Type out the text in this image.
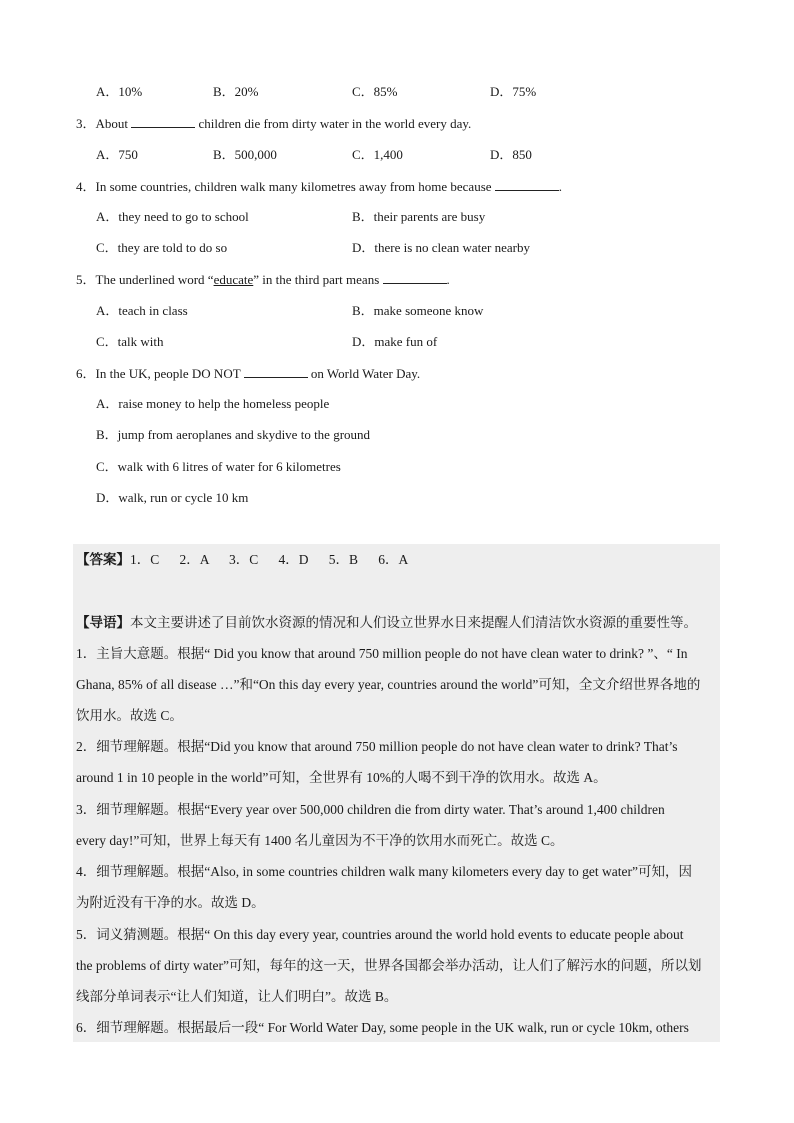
A．10%	B．20%	C．85%	D．75%
3．About	children die from dirty water in the world every day.
A．750	B．500,000	C．1,400	D．850
4．In some countries, children walk many kilometres away from home because	.
A．they need to go to school	B．their parents are busy
C．they are told to do so	D．there is no clean water nearby
5．The underlined word “educate” in the third part means	.
A．teach in class	B．make someone know
C．talk with	D．make fun of
6．In the UK, people DO NOT	on World Water Day.
A．raise money to help the homeless people
B．jump from aeroplanes and skydive to the ground
C．walk with 6 litres of water for 6 kilometres
D．walk, run or cycle 10 km
【答案】1．C      2．A      3．C      4．D      5．B      6．A
【导语】本文主要讲述了目前饮水资源的情况和人们设立世界水日来提醒人们清洁饮水资源的重要性等。
1．主旨大意题。根据“ Did you know that around 750 million people do not have clean water to drink? ”、“ In
Ghana, 85% of all disease …”和“On this day every year, countries around the world”可知，全文介绍世界各地的
饮用水。故选 C。
2．细节理解题。根据“Did you know that around 750 million people do not have clean water to drink? That’s
around 1 in 10 people in the world”可知，全世界有 10%的人喝不到干净的饮用水。故选 A。
3．细节理解题。根据“Every year over 500,000 children die from dirty water. That’s around 1,400 children
every day!”可知，世界上每天有 1400 名儿童因为不干净的饮用水而死亡。故选 C。
4．细节理解题。根据“Also, in some countries children walk many kilometers every day to get water”可知，因
为附近没有干净的水。故选 D。
5．词义猜测题。根据“ On this day every year, countries around the world hold events to educate people about
the problems of dirty water”可知，每年的这一天，世界各国都会举办活动，让人们了解污水的问题，所以划
线部分单词表示“让人们知道，让人们明白”。故选 B。
6．细节理解题。根据最后一段“ For World Water Day, some people in the UK walk, run or cycle 10km, others
